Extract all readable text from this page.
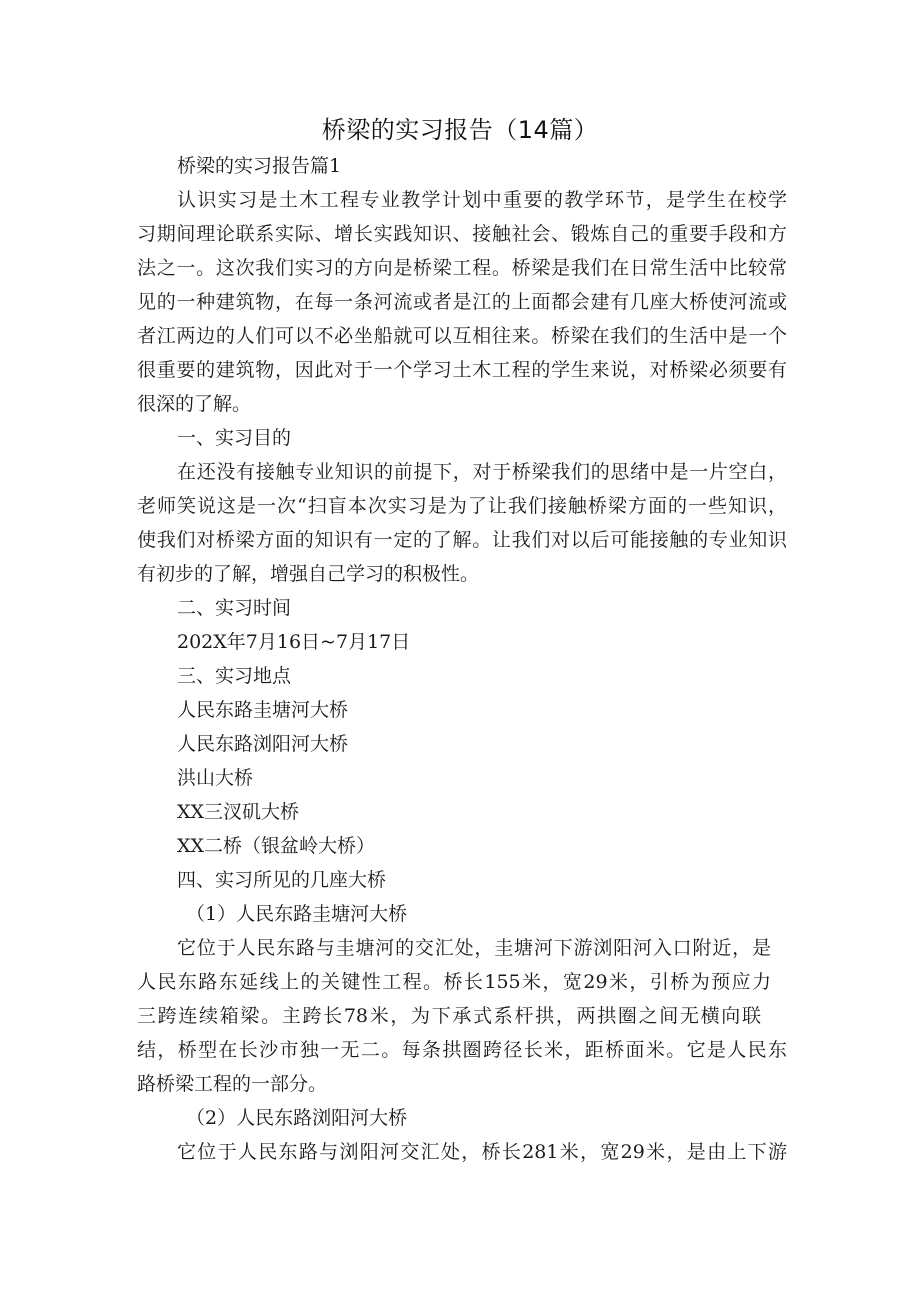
桥梁的实习报告（14篇）
桥梁的实习报告篇1
认识实习是土木工程专业教学计划中重要的教学环节，是学生在校学
习期间理论联系实际、增长实践知识、接触社会、锻炼自己的重要手段和方
法之一。这次我们实习的方向是桥梁工程。桥梁是我们在日常生活中比较常
见的一种建筑物，在每一条河流或者是江的上面都会建有几座大桥使河流或
者江两边的人们可以不必坐船就可以互相往来。桥梁在我们的生活中是一个
很重要的建筑物，因此对于一个学习土木工程的学生来说，对桥梁必须要有
很深的了解。
一、实习目的
在还没有接触专业知识的前提下，对于桥梁我们的思绪中是一片空白，
老师笑说这是一次“扫盲本次实习是为了让我们接触桥梁方面的一些知识，
使我们对桥梁方面的知识有一定的了解。让我们对以后可能接触的专业知识
有初步的了解，增强自己学习的积极性。
二、实习时间
202X年7月16日~7月17日
三、实习地点
人民东路圭塘河大桥
人民东路浏阳河大桥
洪山大桥
XX三汊矶大桥
XX二桥（银盆岭大桥）
四、实习所见的几座大桥
（1）人民东路圭塘河大桥
它位于人民东路与圭塘河的交汇处，圭塘河下游浏阳河入口附近，是
人民东路东延线上的关键性工程。桥长155米，宽29米，引桥为预应力
三跨连续箱梁。主跨长78米，为下承式系杆拱，两拱圈之间无横向联
结，桥型在长沙市独一无二。每条拱圈跨径长米，距桥面米。它是人民东
路桥梁工程的一部分。
（2）人民东路浏阳河大桥
它位于人民东路与浏阳河交汇处，桥长281米，宽29米，是由上下游
